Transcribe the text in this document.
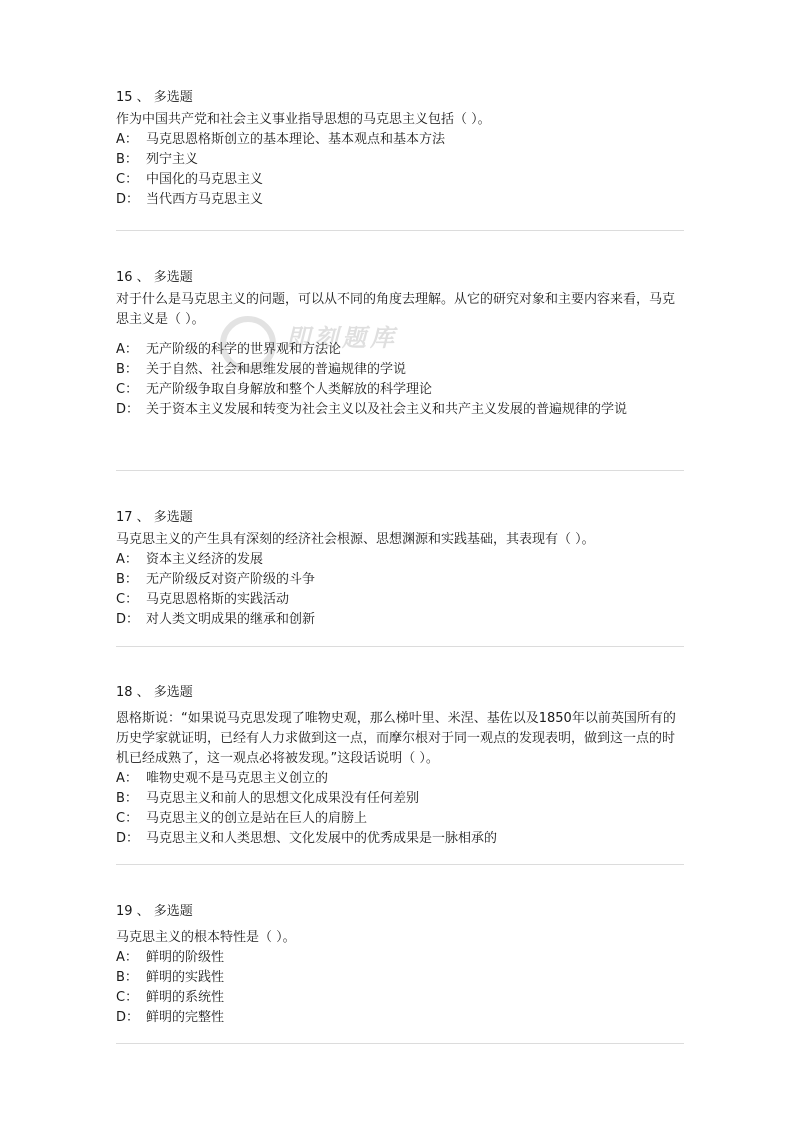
15 、 多选题

作为中国共产党和社会主义事业指导思想的马克思主义包括（ ）。

A： 马克思恩格斯创立的基本理论、基本观点和基本方法
B： 列宁主义
C： 中国化的马克思主义
D： 当代西方马克思主义
16 、 多选题

对于什么是马克思主义的问题，可以从不同的角度去理解。从它的研究对象和主要内容来看，马克思主义是（ ）。

A： 无产阶级的科学的世界观和方法论
B： 关于自然、社会和思维发展的普遍规律的学说
C： 无产阶级争取自身解放和整个人类解放的科学理论
D： 关于资本主义发展和转变为社会主义以及社会主义和共产主义发展的普遍规律的学说
17 、 多选题

马克思主义的产生具有深刻的经济社会根源、思想渊源和实践基础，其表现有（ ）。

A： 资本主义经济的发展
B： 无产阶级反对资产阶级的斗争
C： 马克思恩格斯的实践活动
D： 对人类文明成果的继承和创新
18 、 多选题

恩格斯说：“如果说马克思发现了唯物史观，那么梯叶里、米涅、基佐以及1850年以前英国所有的历史学家就证明，已经有人力求做到这一点，而摩尔根对于同一观点的发现表明，做到这一点的时机已经成熟了，这一观点必将被发现。”这段话说明（ ）。

A： 唯物史观不是马克思主义创立的
B： 马克思主义和前人的思想文化成果没有任何差别
C： 马克思主义的创立是站在巨人的肩膀上
D： 马克思主义和人类思想、文化发展中的优秀成果是一脉相承的
19 、 多选题

马克思主义的根本特性是（ ）。

A： 鲜明的阶级性
B： 鲜明的实践性
C： 鲜明的系统性
D： 鲜明的完整性
即刻题库
